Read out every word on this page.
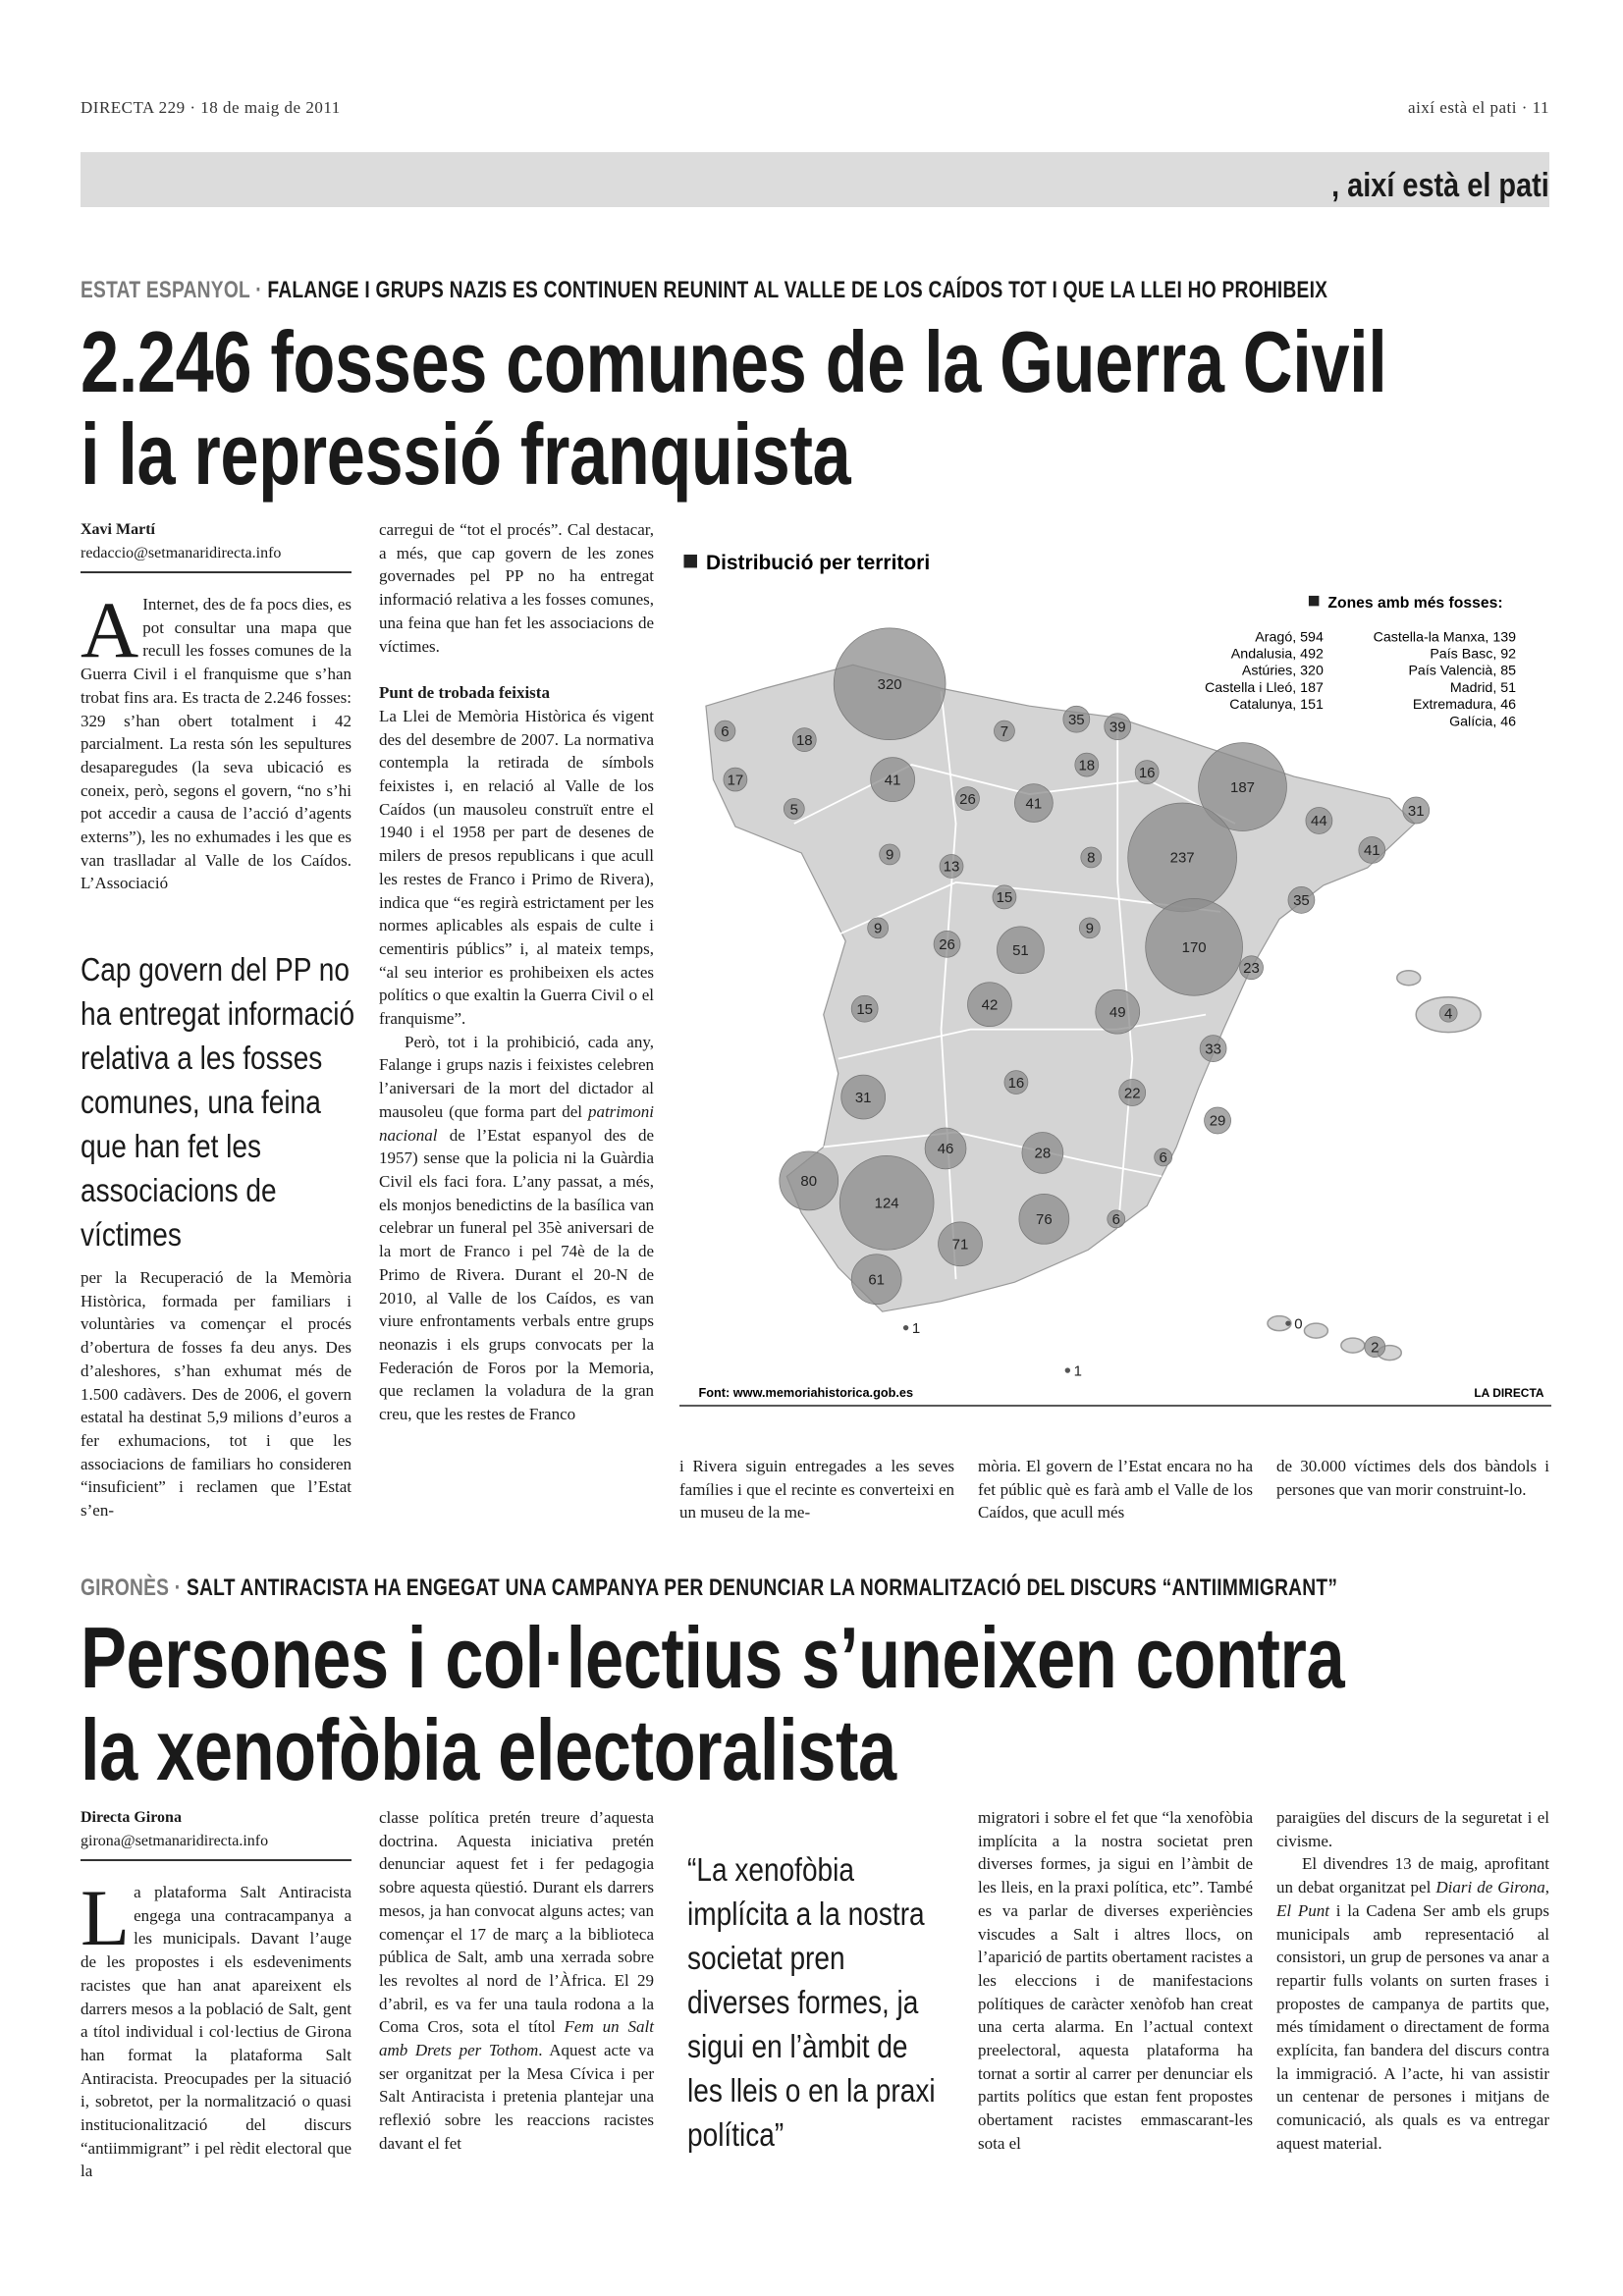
DIRECTA 229 · 18 de maig de 2011	així està el pati · 11
, així està el pati
ESTAT ESPANYOL · FALANGE I GRUPS NAZIS ES CONTINUEN REUNINT AL VALLE DE LOS CAÍDOS TOT I QUE LA LLEI HO PROHIBEIX
2.246 fosses comunes de la Guerra Civil i la repressió franquista
Xavi Martí
redaccio@setmanaridirecta.info

A Internet, des de fa pocs dies, es pot consultar una mapa que recull les fosses comunes de la Guerra Civil i el franquisme que s’han trobat fins ara. Es tracta de 2.246 fosses: 329 s’han obert totalment i 42 parcialment. La resta són les sepultures desaparegudes (la seva ubicació es coneix, però, segons el govern, “no s’hi pot accedir a causa de l’acció d’agents externs”), les no exhumades i les que es van traslladar al Valle de los Caídos. L’Associació

Cap govern del PP no ha entregat informació relativa a les fosses comunes, una feina que han fet les associacions de víctimes
per la Recuperació de la Memòria Històrica, formada per familiars i voluntàries va començar el procés d’obertura de fosses fa deu anys. Des d’aleshores, s’han exhumat més de 1.500 cadàvers. Des de 2006, el govern estatal ha destinat 5,9 milions d’euros a fer exhumacions, tot i que les associacions de familiars ho consideren “insuficient” i reclamen que l’Estat s’en-

carregui de “tot el procés”. Cal destacar, a més, que cap govern de les zones governades pel PP no ha entregat informació relativa a les fosses comunes, una feina que han fet les associacions de víctimes.

Punt de trobada feixista

La Llei de Memòria Històrica és vigent des del desembre de 2007. La normativa contempla la retirada de símbols feixistes i, en relació al Valle de los Caídos (un mausoleu construït entre el 1940 i el 1958 per part de desenes de milers de presos republicans i que acull les restes de Franco i Primo de Rivera), indica que “es regirà estrictament per les normes aplicables als espais de culte i cementiris públics” i, al mateix temps, “al seu interior es prohibeixen els actes polítics o que exaltin la Guerra Civil o el franquisme”.

Però, tot i la prohibició, cada any, Falange i grups nazis i feixistes celebren l’aniversari de la mort del dictador al mausoleu (que forma part del patrimoni nacional de l’Estat espanyol des de 1957) sense que la policia ni la Guàrdia Civil els faci fora. L’any passat, a més, els monjos benedictins de la basílica van celebrar un funeral pel 35è aniversari de la mort de Franco i pel 74è de la de Primo de Rivera. Durant el 20-N de 2010, al Valle de los Caídos, es van viure enfrontaments verbals entre grups neonazis i els grups convocats per la Federación de Foros por la Memoria, que reclamen la voladura de la gran creu, que les restes de Franco

320
6
18
17
5
41
7
35	39
18	16
187
26	41
44
31
9
13
8	237	41
35
15
9
26	51
9
170
23
4
15	42	49
33
16
22
31
29
46	28	6
80
124
76	6
71
61
1
1
0
2
Distribució per territori
Zones amb més fosses:
Aragó, 594
Andalusia, 492
Astúries, 320
Castella i Lleó, 187
Catalunya, 151
Castella-la Manxa, 139
País Basc, 92
País Valencià, 85
Madrid, 51
Extremadura, 46
Galícia, 46
Font: www.memoriahistorica.gob.es	LA DIRECTA
i Rivera siguin entregades a les seves famílies i que el recinte es converteixi en un museu de la me-
mòria. El govern de l’Estat encara no ha fet públic què es farà amb el Valle de los Caídos, que acull més
de 30.000 víctimes dels dos bàndols i persones que van morir construint-lo.
GIRONÈS · SALT ANTIRACISTA HA ENGEGAT UNA CAMPANYA PER DENUNCIAR LA NORMALITZACIÓ DEL DISCURS “ANTIIMMIGRANT”
Persones i col·lectius s’uneixen contra la xenofòbia electoralista
Directa Girona
girona@setmanaridirecta.info

La plataforma Salt Antiracista engega una contracampanya a les municipals. Davant l’auge de les propostes i els esdeveniments racistes que han anat apareixent els darrers mesos a la població de Salt, gent a títol individual i col·lectius de Girona han format la plataforma Salt Antiracista. Preocupades per la situació i, sobretot, per la normalització o quasi institucionalització del discurs “antiimmigrant” i pel rèdit electoral que la

classe política pretén treure d’aquesta doctrina. Aquesta iniciativa pretén denunciar aquest fet i fer pedagogia sobre aquesta qüestió. Durant els darrers mesos, ja han convocat alguns actes; van començar el 17 de març a la biblioteca pública de Salt, amb una xerrada sobre les revoltes al nord de l’Àfrica. El 29 d’abril, es va fer una taula rodona a la Coma Cros, sota el títol Fem un Salt amb Drets per Tothom. Aquest acte va ser organitzat per la Mesa Cívica i per Salt Antiracista i pretenia plantejar una reflexió sobre les reaccions racistes davant el fet
“La xenofòbia implícita a la nostra societat pren diverses formes, ja sigui en l’àmbit de les lleis o en la praxi política”
migratori i sobre el fet que “la xenofòbia implícita a la nostra societat pren diverses formes, ja sigui en l’àmbit de les lleis, en la praxi política, etc”. També es va parlar de diverses experiències viscudes a Salt i altres llocs, on l’aparició de partits obertament racistes a les eleccions i de manifestacions polítiques de caràcter xenòfob han creat una certa alarma. En l’actual context preelectoral, aquesta plataforma ha tornat a sortir al carrer per denunciar els partits polítics que estan fent propostes obertament racistes emmascarant-les sota el

paraigües del discurs de la seguretat i el civisme.

El divendres 13 de maig, aprofitant un debat organitzat pel Diari de Girona, El Punt i la Cadena Ser amb els grups municipals amb representació al consistori, un grup de persones va anar a repartir fulls volants on surten frases i propostes de campanya de partits que, més tímidament o directament de forma explícita, fan bandera del discurs contra la immigració. A l’acte, hi van assistir un centenar de persones i mitjans de comunicació, als quals es va entregar aquest material.
